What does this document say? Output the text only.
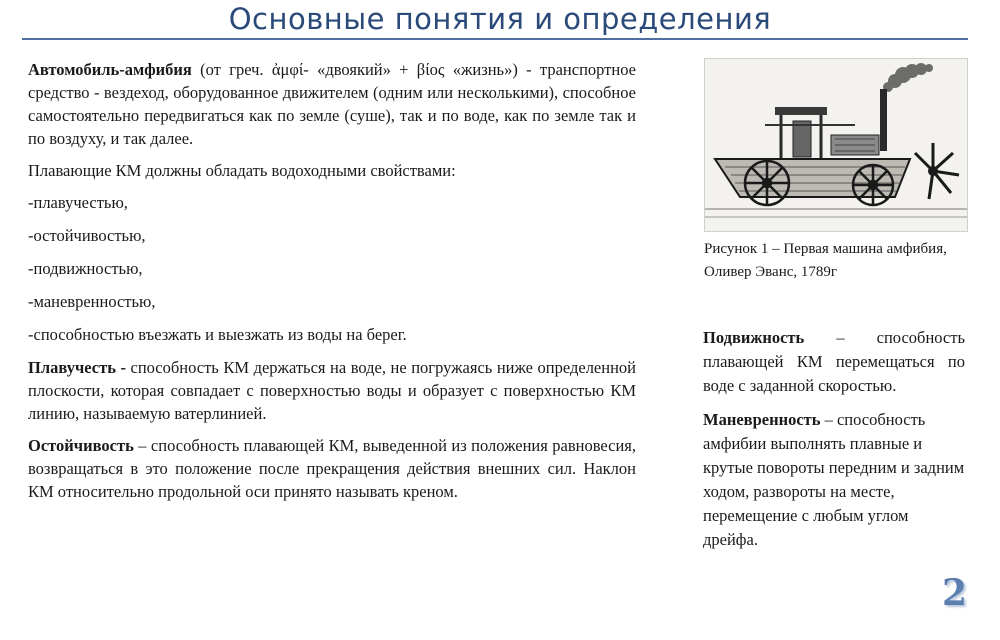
Основные понятия и определения

Автомобиль-амфибия (от греч. ἀμφί- «двоякий» + βίος «жизнь») - транспортное средство - вездеход, оборудованное движителем (одним или несколькими), способное самостоятельно передвигаться как по земле (суше), так и по воде, как по земле так и по воздуху, и так далее.

Плавающие КМ должны обладать водоходными свойствами:

-плавучестью,

-остойчивостью,

-подвижностью,

-маневренностью,

-способностью въезжать и выезжать из воды на берег.

Плавучесть - способность КМ держаться на воде, не погружаясь ниже определенной плоскости, которая совпадает с поверхностью воды и образует с поверхностью КМ линию, называемую ватерлинией.

Остойчивость – способность плавающей КМ, выведенной из положения равновесия, возвращаться в это положение после прекращения действия внешних сил. Наклон КМ относительно продольной оси принято называть креном.

Рисунок 1 – Первая машина амфибия, Оливер Эванс, 1789г

Подвижность – способность плавающей КМ перемещаться по воде с заданной скоростью.

Маневренность – способность амфибии выполнять плавные и крутые повороты передним и задним ходом, развороты на месте, перемещение с любым углом дрейфа.

2
